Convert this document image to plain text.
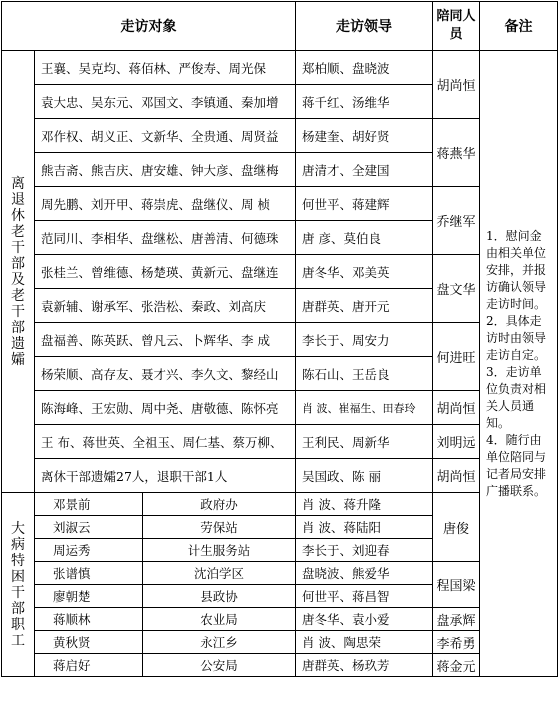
走访对象			走访领导	陪同人员	备注
离退休老干部及老干部遗孀	王襄、吴克均、蒋佰林、严俊寿、周光保		郑柏顺、盘晓波	胡尚恒	1．慰问金由相关单位安排，并报访确认领导走访时间。
2．具体走访时由领导走访自定。
3．走访单位负责对相关人员通知。
4．随行由单位陪同与记者局安排广播联系。

	袁大忠、吴东元、邓国文、李镇通、秦加增		蒋千红、汤维华		
	邓作权、胡义正、文新华、全贵通、周贤益		杨建奎、胡好贤	蒋燕华	
	熊吉斋、熊吉庆、唐安雄、钟大彦、盘继梅		唐清才、全建国		
	周先鹏、刘开甲、蒋崇虎、盘继仪、周 桢		何世平、蒋建辉	乔继军	
	范同川、李相华、盘继松、唐善清、何德珠		唐 彦、莫伯良		
	张桂兰、曾维德、杨楚瑛、黄新元、盘继连		唐冬华、邓美英	盘文华	
	袁新辅、谢承军、张浩松、秦政、刘高庆		唐群英、唐开元		
	盘福善、陈英跃、曾凡云、卜辉华、李 成		李长于、周安力	何进旺	
	杨荣顺、高存友、聂才兴、李久文、黎经山		陈石山、王岳良		
	陈海峰、王宏勋、周中尧、唐敬德、陈怀亮		肖 波、崔福生、田春玲	胡尚恒	
	王 布、蒋世英、全祖玉、周仁基、蔡万柳、		王利民、周新华	刘明远	
	离休干部遗孀27人，退职干部1人		吴国政、陈 丽	胡尚恒	
大病特困干部职工	邓景前	政府办	肖 波、蒋升隆	唐俊	
	刘淑云	劳保站	肖 波、蒋陆阳		
	周运秀	计生服务站	李长于、刘迎春		
	张谱慎	沈泊学区	盘晓波、熊爱华	程国梁	
	廖朝楚	县政协	何世平、蒋昌智		
	蒋顺林	农业局	唐冬华、袁小爱	盘承辉	
	黄秋贤	永江乡	肖 波、陶思荣	李希勇	
	蒋启好	公安局	唐群英、杨玖芳	蒋金元	
